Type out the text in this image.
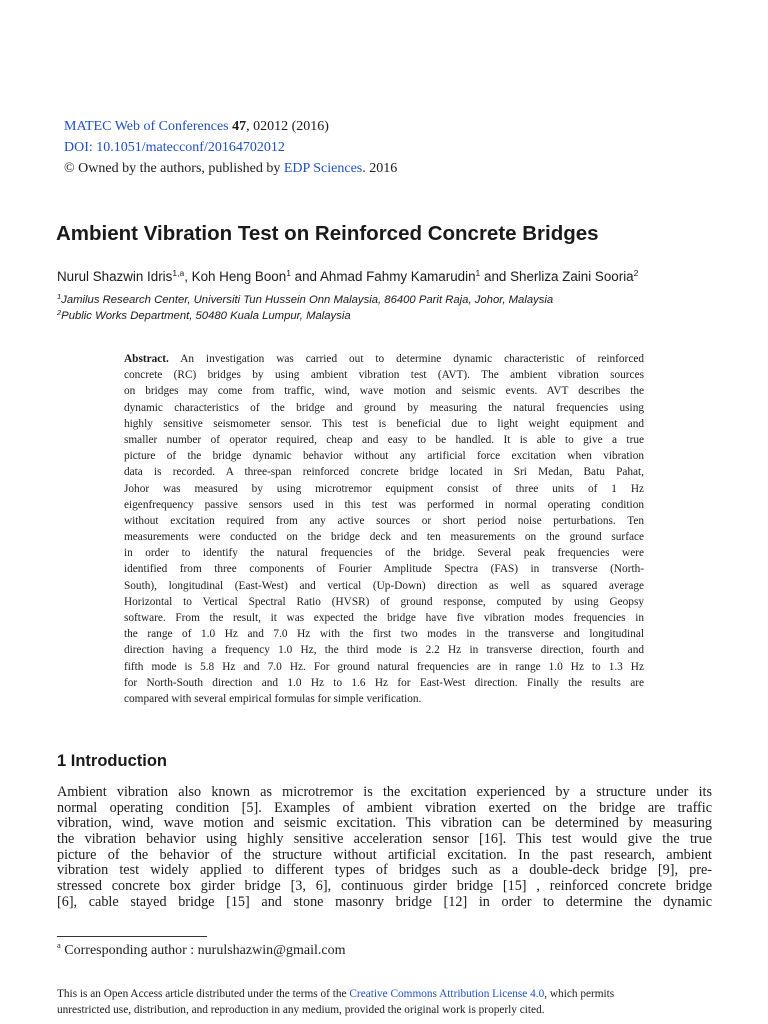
MATEC Web of Conferences 47, 02012 (2016)
DOI: 10.1051/matecconf/20164702012
© Owned by the authors, published by EDP Sciences. 2016
Ambient Vibration Test on Reinforced Concrete Bridges
Nurul Shazwin Idris$^{1,a}$, Koh Heng Boon$^1$ and Ahmad Fahmy Kamarudin$^1$ and Sherliza Zaini Sooria$^2$
$^1$Jamilus Research Center, Universiti Tun Hussein Onn Malaysia, 86400 Parit Raja, Johor, Malaysia
$^2$Public Works Department, 50480 Kuala Lumpur, Malaysia
Abstract. An investigation was carried out to determine dynamic characteristic of reinforced
concrete (RC) bridges by using ambient vibration test (AVT). The ambient vibration sources
on bridges may come from traffic, wind, wave motion and seismic events. AVT describes the
dynamic characteristics of the bridge and ground by measuring the natural frequencies using
highly sensitive seismometer sensor. This test is beneficial due to light weight equipment and
smaller number of operator required, cheap and easy to be handled. It is able to give a true
picture of the bridge dynamic behavior without any artificial force excitation when vibration
data is recorded. A three-span reinforced concrete bridge located in Sri Medan, Batu Pahat,
Johor was measured by using microtremor equipment consist of three units of 1 Hz
eigenfrequency passive sensors used in this test was performed in normal operating condition
without excitation required from any active sources or short period noise perturbations. Ten
measurements were conducted on the bridge deck and ten measurements on the ground surface
in order to identify the natural frequencies of the bridge. Several peak frequencies were
identified from three components of Fourier Amplitude Spectra (FAS) in transverse (North-
South), longitudinal (East-West) and vertical (Up-Down) direction as well as squared average
Horizontal to Vertical Spectral Ratio (HVSR) of ground response, computed by using Geopsy
software. From the result, it was expected the bridge have five vibration modes frequencies in
the range of 1.0 Hz and 7.0 Hz with the first two modes in the transverse and longitudinal
direction having a frequency 1.0 Hz, the third mode is 2.2 Hz in transverse direction, fourth and
fifth mode is 5.8 Hz and 7.0 Hz. For ground natural frequencies are in range 1.0 Hz to 1.3 Hz
for North-South direction and 1.0 Hz to 1.6 Hz for East-West direction. Finally the results are
compared with several empirical formulas for simple verification.
1 Introduction
Ambient vibration also known as microtremor is the excitation experienced by a structure under its
normal operating condition [5]. Examples of ambient vibration exerted on the bridge are traffic
vibration, wind, wave motion and seismic excitation. This vibration can be determined by measuring
the vibration behavior using highly sensitive acceleration sensor [16]. This test would give the true
picture of the behavior of the structure without artificial excitation. In the past research, ambient
vibration test widely applied to different types of bridges such as a double-deck bridge [9], pre-
stressed concrete box girder bridge [3, 6], continuous girder bridge [15] , reinforced concrete bridge
[6], cable stayed bridge [15] and stone masonry bridge [12] in order to determine the dynamic
$^a$ Corresponding author : nurulshazwin@gmail.com
This is an Open Access article distributed under the terms of the Creative Commons Attribution License 4.0, which permits
unrestricted use, distribution, and reproduction in any medium, provided the original work is properly cited.
